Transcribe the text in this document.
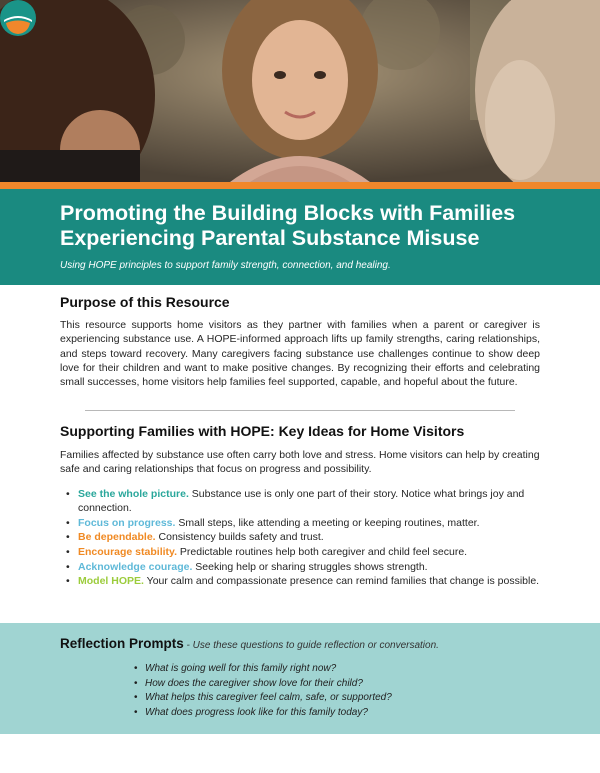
Promoting the Building Blocks with Families
Experiencing Parental Substance Misuse
Using HOPE principles to support family strength, connection, and healing.
Purpose of this Resource
This resource supports home visitors as they partner with families when a parent or caregiver is experiencing substance use. A HOPE-informed approach lifts up family strengths, caring relationships, and steps toward recovery. Many caregivers facing substance use challenges continue to show deep love for their children and want to make positive changes. By recognizing their efforts and celebrating small successes, home visitors help families feel supported, capable, and hopeful about the future.
Supporting Families with HOPE: Key Ideas for Home Visitors
Families affected by substance use often carry both love and stress. Home visitors can help by creating safe and caring relationships that focus on progress and possibility.
• See the whole picture. Substance use is only one part of their story. Notice what brings joy and connection.
• Focus on progress. Small steps, like attending a meeting or keeping routines, matter.
• Be dependable. Consistency builds safety and trust.
• Encourage stability. Predictable routines help both caregiver and child feel secure.
• Acknowledge courage. Seeking help or sharing struggles shows strength.
• Model HOPE. Your calm and compassionate presence can remind families that change is possible.
Reflection Prompts - Use these questions to guide reflection or conversation.
• What is going well for this family right now?
• How does the caregiver show love for their child?
• What helps this caregiver feel calm, safe, or supported?
• What does progress look like for this family today?
